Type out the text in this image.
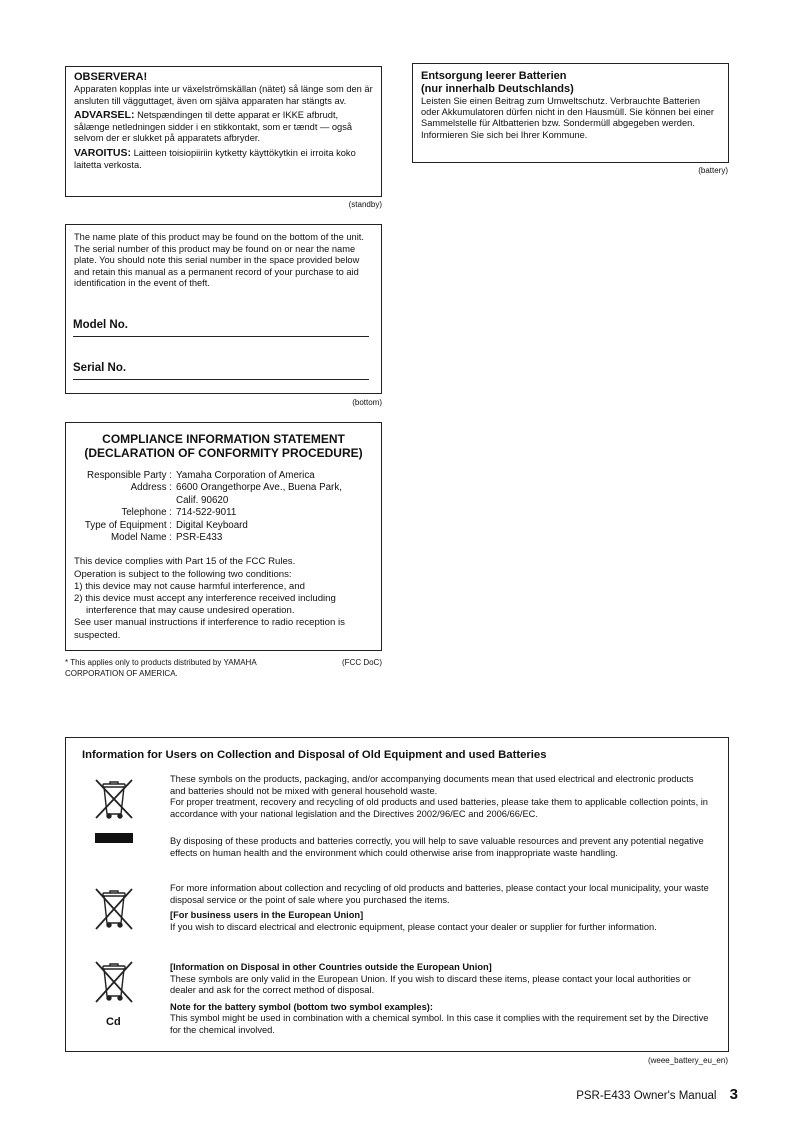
OBSERVERA!

Apparaten kopplas inte ur växelströmskällan (nätet) så länge som den är ansluten till vägguttaget, även om själva apparaten har stängts av.

ADVARSEL: Netspændingen til dette apparat er IKKE afbrudt, sålænge netledningen sidder i en stikkontakt, som er tændt — også selvom der er slukket på apparatets afbryder.

VAROITUS: Laitteen toisiopiiriin kytketty käyttökytkin ei irroita koko laitetta verkosta.

(standby)

Entsorgung leerer Batterien

(nur innerhalb Deutschlands)

Leisten Sie einen Beitrag zum Umweltschutz. Verbrauchte Batterien oder Akkumulatoren dürfen nicht in den Hausmüll. Sie können bei einer Sammelstelle für Altbatterien bzw. Sondermüll abgegeben werden. Informieren Sie sich bei Ihrer Kommune.

(battery)

The name plate of this product may be found on the bottom of the unit. The serial number of this product may be found on or near the name plate. You should note this serial number in the space provided below and retain this manual as a permanent record of your purchase to aid identification in the event of theft.

Model No.
Serial No.
(bottom)

COMPLIANCE INFORMATION STATEMENT

(DECLARATION OF CONFORMITY PROCEDURE)

Responsible Party :	Yamaha Corporation of America
Address :	6600 Orangethorpe Ave., Buena Park,
	Calif. 90620
Telephone :	714-522-9011
Type of Equipment :	Digital Keyboard
Model Name :	PSR-E433

This device complies with Part 15 of the FCC Rules.

Operation is subject to the following two conditions:

1) this device may not cause harmful interference, and

2) this device must accept any interference received including

interference that may cause undesired operation.

See user manual instructions if interference to radio reception is suspected.

* This applies only to products distributed by YAMAHA CORPORATION OF AMERICA.
(FCC DoC)

Information for Users on Collection and Disposal of Old Equipment and used Batteries

Cd

These symbols on the products, packaging, and/or accompanying documents mean that used electrical and electronic products and batteries should not be mixed with general household waste.

For proper treatment, recovery and recycling of old products and used batteries, please take them to applicable collection points, in accordance with your national legislation and the Directives 2002/96/EC and 2006/66/EC.

By disposing of these products and batteries correctly, you will help to save valuable resources and prevent any potential negative effects on human health and the environment which could otherwise arise from inappropriate waste handling.

For more information about collection and recycling of old products and batteries, please contact your local municipality, your waste disposal service or the point of sale where you purchased the items.

[For business users in the European Union]

If you wish to discard electrical and electronic equipment, please contact your dealer or supplier for further information.

[Information on Disposal in other Countries outside the European Union]

These symbols are only valid in the European Union. If you wish to discard these items, please contact your local authorities or dealer and ask for the correct method of disposal.

Note for the battery symbol (bottom two symbol examples):

This symbol might be used in combination with a chemical symbol. In this case it complies with the requirement set by the Directive for the chemical involved.

(weee_battery_eu_en)
PSR-E433 Owner's Manual 3
